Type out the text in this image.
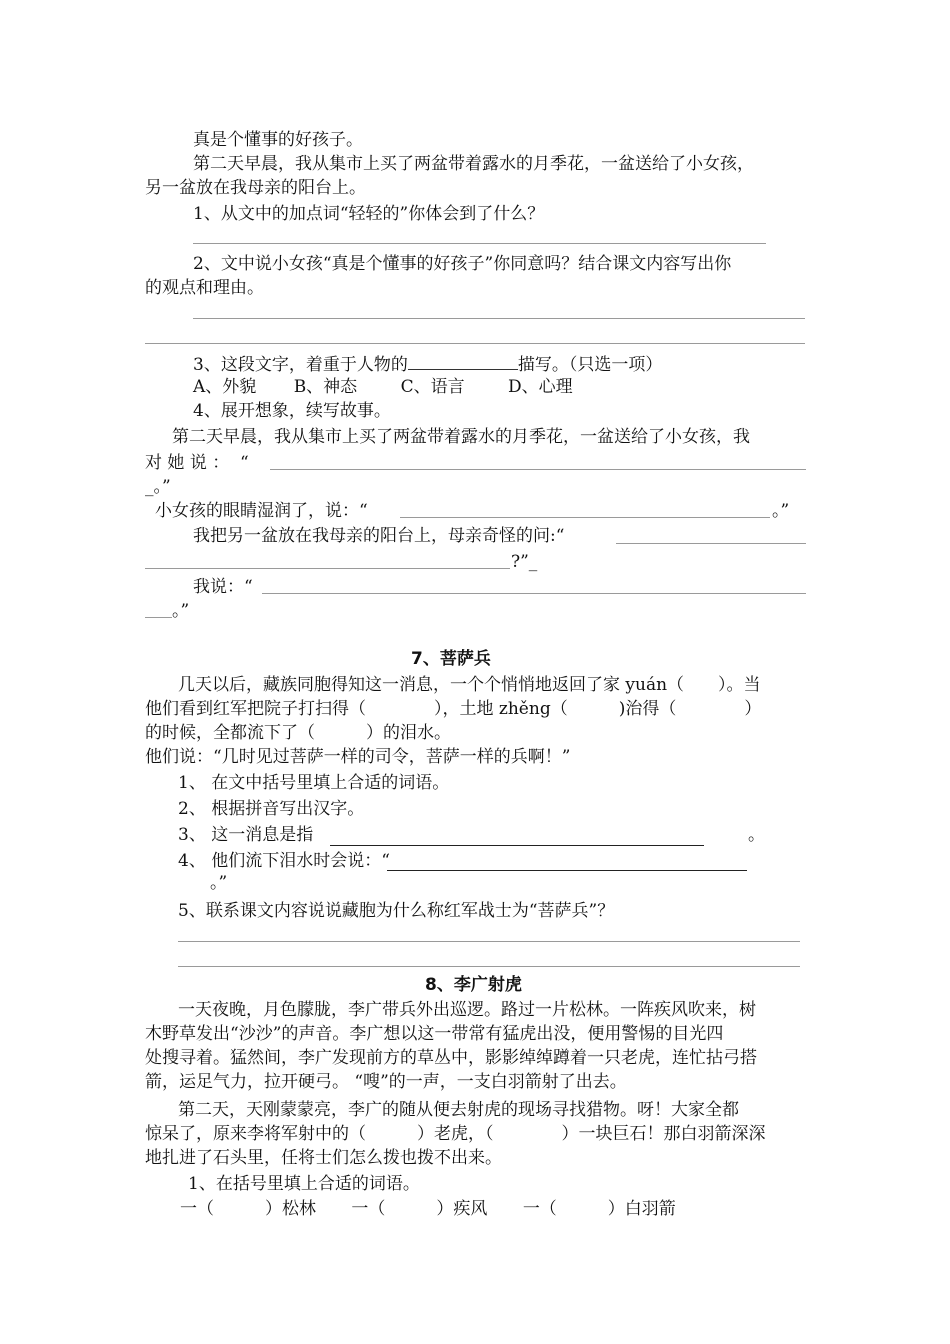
真是个懂事的好孩子。
第二天早晨，我从集市上买了两盆带着露水的月季花，一盆送给了小女孩，
另一盆放在我母亲的阳台上。
1、从文中的加点词“轻轻的”你体会到了什么？
2、文中说小女孩“真是个懂事的好孩子”你同意吗？结合课文内容写出你
的观点和理由。
3、这段文字，着重于人物的	描写。（只选一项）
A、外貌 B、神态	C、语言	D、心理
4、展开想象，续写故事。
第二天早晨，我从集市上买了两盆带着露水的月季花，一盆送给了小女孩，我
对 她 说 ： “
_。”
小女孩的眼睛湿润了，说：“	。”
我把另一盆放在我母亲的阳台上，母亲奇怪的问:“
?”_
我说：“
。”
7、菩萨兵
几天以后，藏族同胞得知这一消息，一个个悄悄地返回了家 yuán（　　）。当
他们看到红军把院子打扫得（　　　　），土地 zhěng（　　　)治得（　　　　）
的时候，全都流下了（　　　）的泪水。
他们说：“几时见过菩萨一样的司令，菩萨一样的兵啊！”
1、 在文中括号里填上合适的词语。
2、 根据拼音写出汉字。
3、 这一消息是指	。
4、 他们流下泪水时会说：“
。”
5、联系课文内容说说藏胞为什么称红军战士为“菩萨兵”？
8、李广射虎
一天夜晚，月色朦胧，李广带兵外出巡逻。路过一片松林。一阵疾风吹来，树
木野草发出“沙沙”的声音。李广想以这一带常有猛虎出没，便用警惕的目光四
处搜寻着。猛然间，李广发现前方的草丛中，影影绰绰蹲着一只老虎，连忙拈弓搭
箭，运足气力，拉开硬弓。 “嗖”的一声，一支白羽箭射了出去。
第二天，天刚蒙蒙亮，李广的随从便去射虎的现场寻找猎物。呀！大家全都
惊呆了，原来李将军射中的（　　　）老虎，（　　　　）一块巨石！那白羽箭深深
地扎进了石头里，任将士们怎么拨也拨不出来。
1、在括号里填上合适的词语。
一（　　　）松林 一（　　　）疾风 一（　　　）白羽箭
